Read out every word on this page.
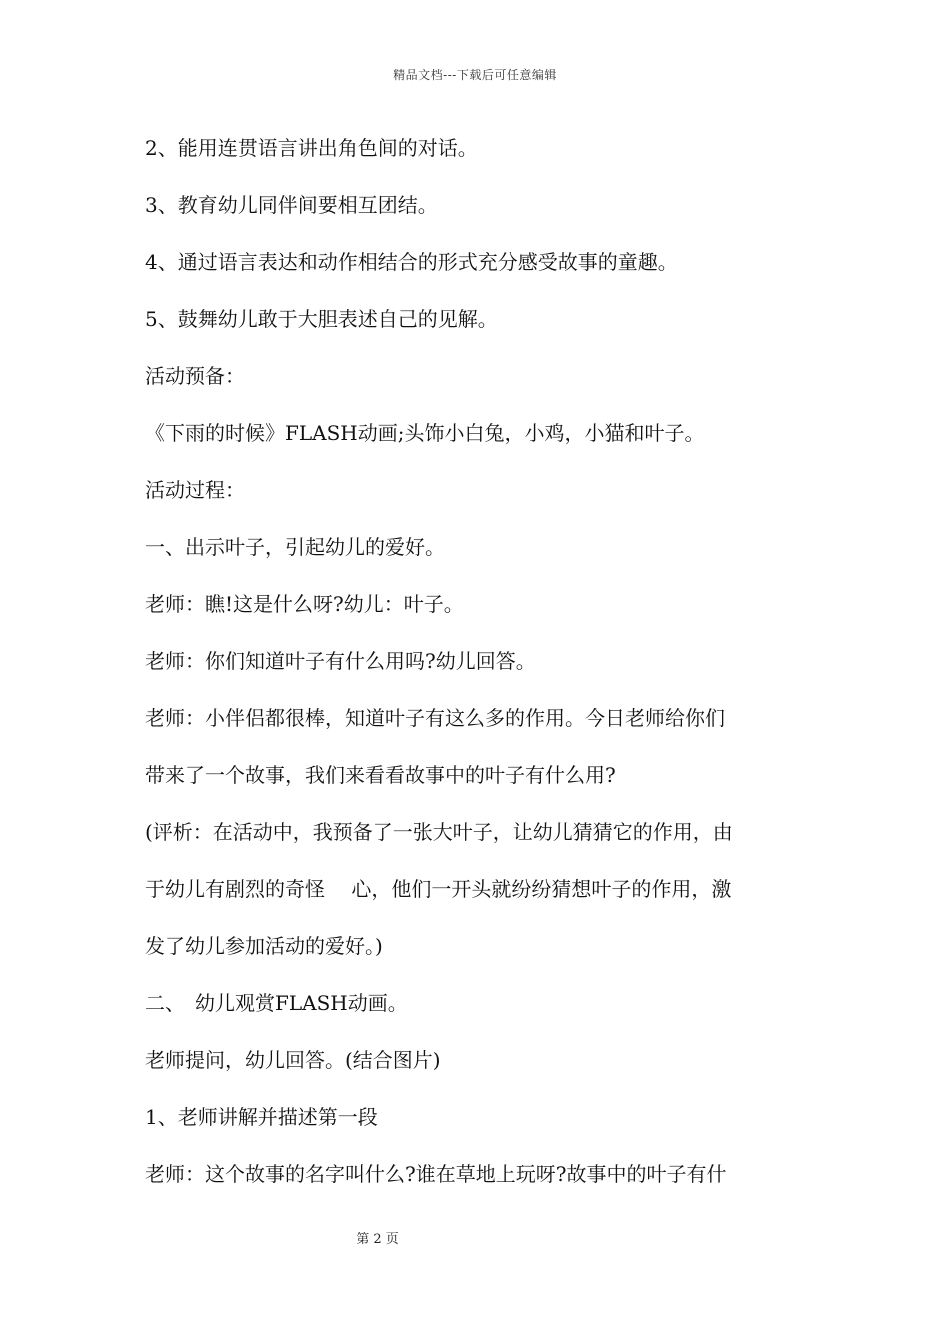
精品文档---下载后可任意编辑
2、能用连贯语言讲出角色间的对话。
3、教育幼儿同伴间要相互团结。
4、通过语言表达和动作相结合的形式充分感受故事的童趣。
5、鼓舞幼儿敢于大胆表述自己的见解。
活动预备：
《下雨的时候》FLASH动画;头饰小白兔，小鸡，小猫和叶子。
活动过程：
一、出示叶子，引起幼儿的爱好。
老师：瞧!这是什么呀?幼儿：叶子。
老师：你们知道叶子有什么用吗?幼儿回答。
老师：小伴侣都很棒，知道叶子有这么多的作用。今日老师给你们
带来了一个故事，我们来看看故事中的叶子有什么用?
(评析：在活动中，我预备了一张大叶子，让幼儿猜猜它的作用，由
于幼儿有剧烈的奇怪　 心，他们一开头就纷纷猜想叶子的作用，激
发了幼儿参加活动的爱好。)
二、　幼儿观赏FLASH动画。
老师提问，幼儿回答。(结合图片)
1、老师讲解并描述第一段
老师：这个故事的名字叫什么?谁在草地上玩呀?故事中的叶子有什
第 2 页
